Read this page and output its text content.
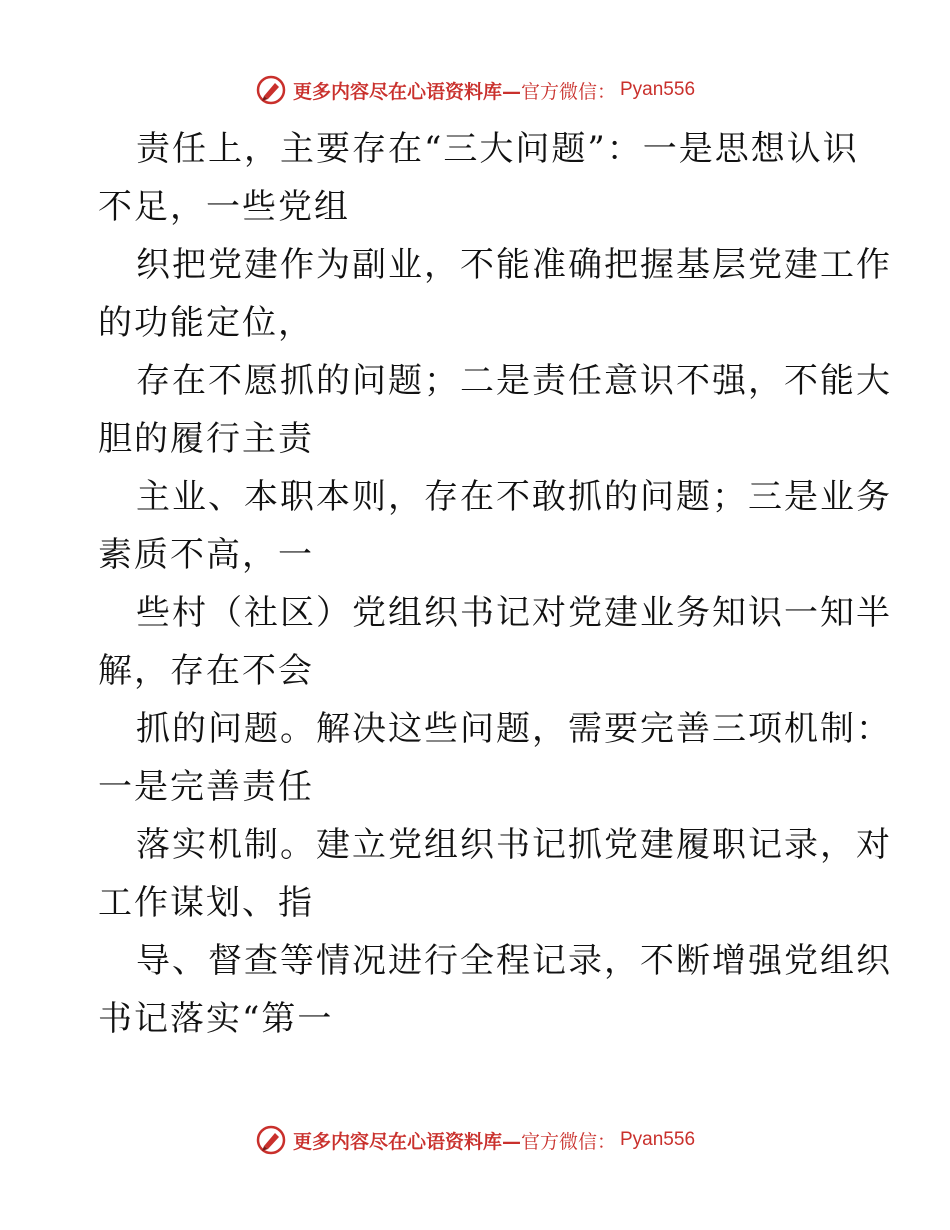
更多内容尽在心语资料库— 官方微信： Pyan556
责任上，主要存在“三大问题”：一是思想认识
不足，一些党组
织把党建作为副业，不能准确把握基层党建工作
的功能定位，
存在不愿抓的问题；二是责任意识不强，不能大
胆的履行主责
主业、本职本则，存在不敢抓的问题；三是业务
素质不高，一
些村（社区）党组织书记对党建业务知识一知半
解，存在不会
抓的问题。解决这些问题，需要完善三项机制：
一是完善责任
落实机制。建立党组织书记抓党建履职记录，对
工作谋划、指
导、督查等情况进行全程记录，不断增强党组织
书记落实“第一
更多内容尽在心语资料库— 官方微信： Pyan556
